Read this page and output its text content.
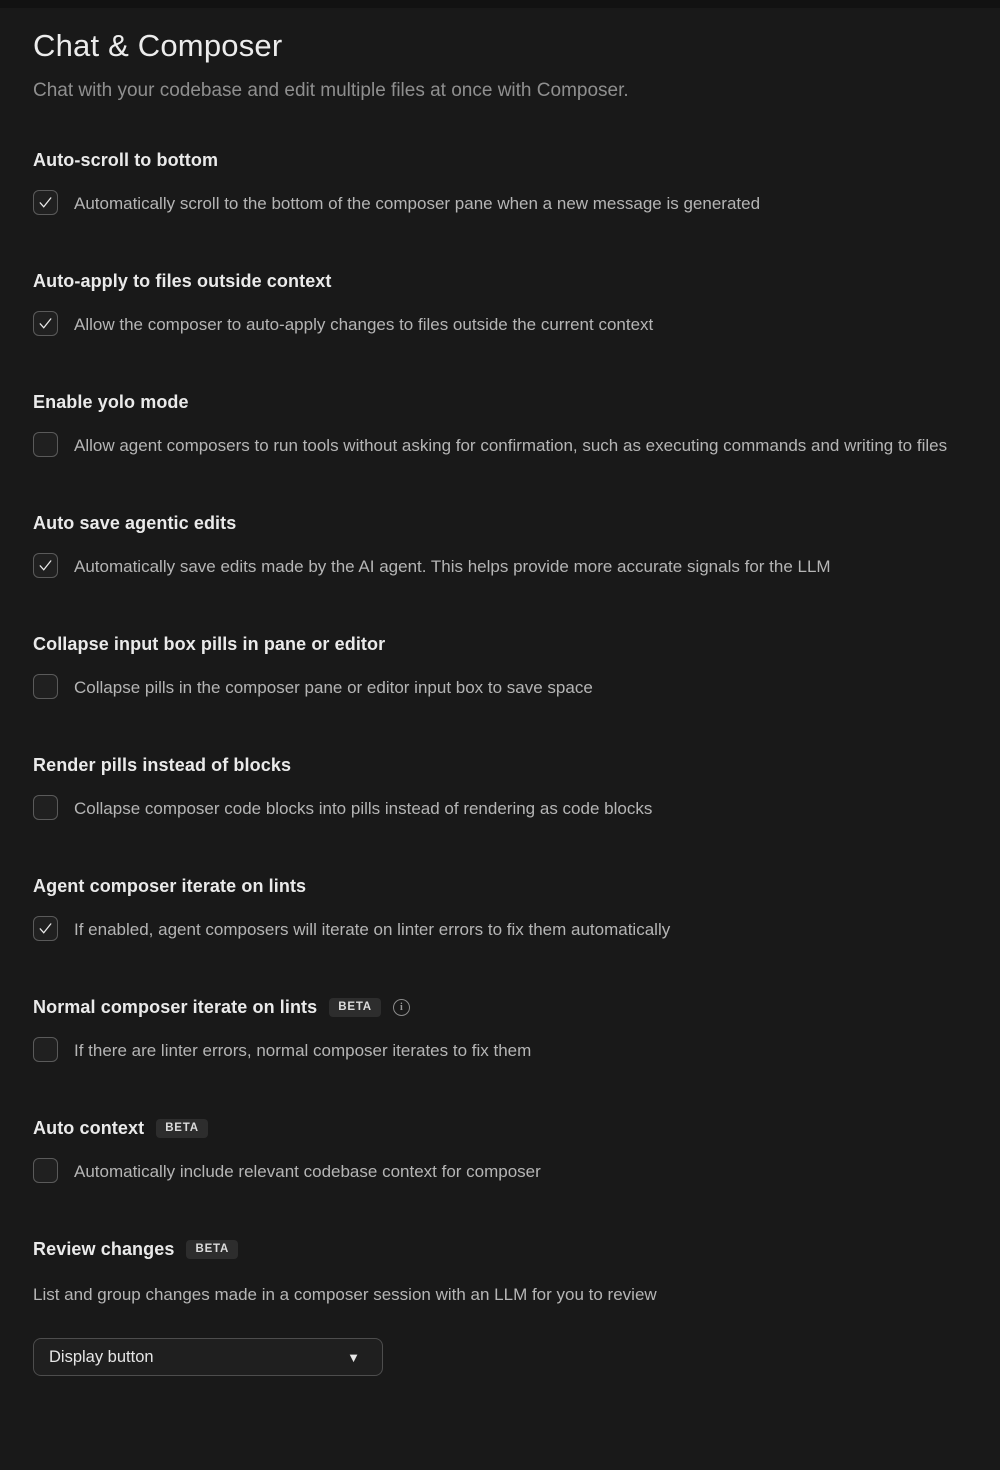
Chat & Composer

Chat with your codebase and edit multiple files at once with Composer.

Auto-scroll to bottom
Automatically scroll to the bottom of the composer pane when a new message is generated
Auto-apply to files outside context
Allow the composer to auto-apply changes to files outside the current context
Enable yolo mode
Allow agent composers to run tools without asking for confirmation, such as executing commands and writing to files
Auto save agentic edits
Automatically save edits made by the AI agent. This helps provide more accurate signals for the LLM
Collapse input box pills in pane or editor
Collapse pills in the composer pane or editor input box to save space
Render pills instead of blocks
Collapse composer code blocks into pills instead of rendering as code blocks
Agent composer iterate on lints
If enabled, agent composers will iterate on linter errors to fix them automatically
Normal composer iterate on lints	BETA	i
If there are linter errors, normal composer iterates to fix them
Auto context	BETA
Automatically include relevant codebase context for composer
Review changes	BETA

List and group changes made in a composer session with an LLM for you to review

Display button	▼
